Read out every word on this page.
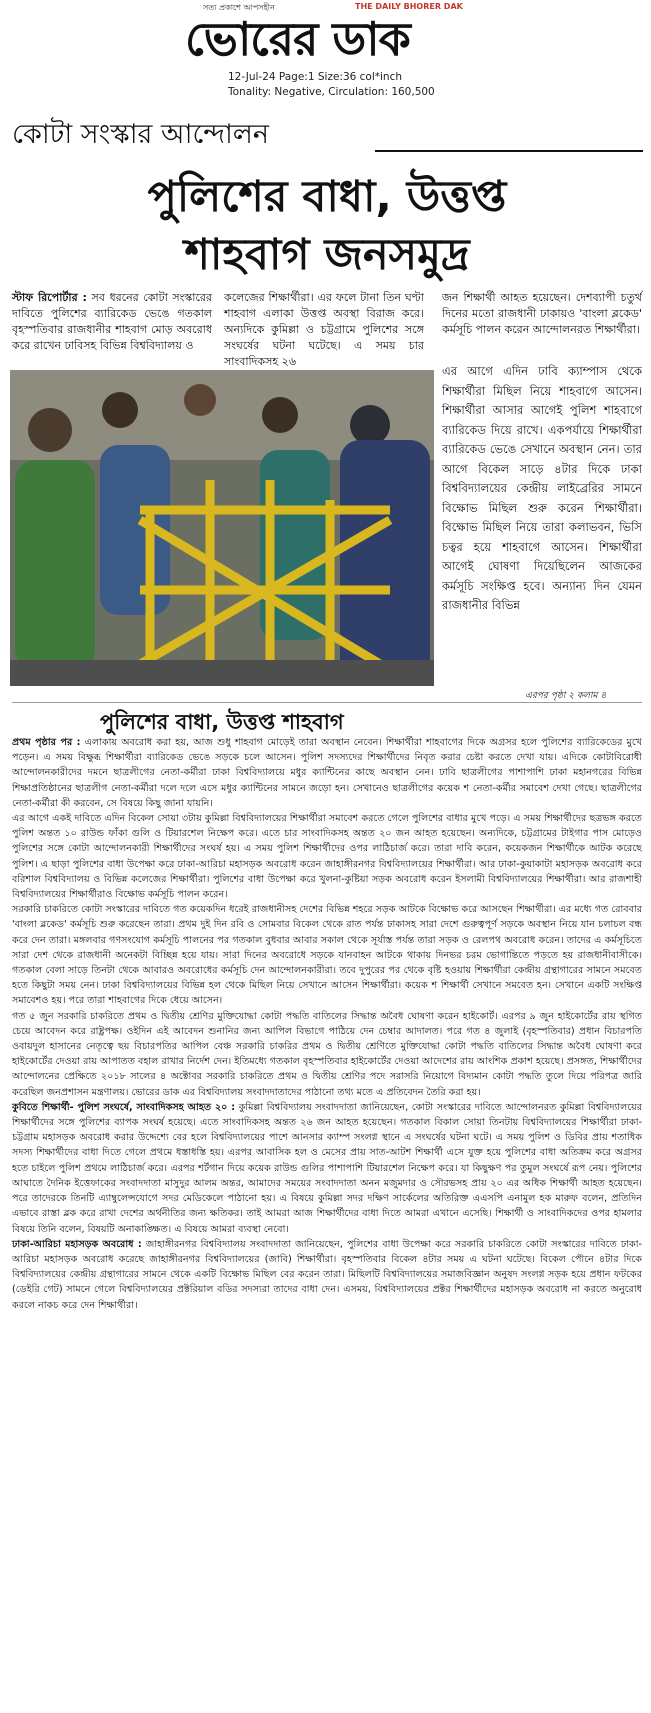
সত্য প্রকাশে আপসহীন	THE DAILY BHORER DAK
ভোরের ডাক
12-Jul-24 Page:1 Size:36 col*inch
Tonality: Negative, Circulation: 160,500
কোটা সংস্কার আন্দোলন
পুলিশের বাধা, উত্তপ্ত
শাহবাগ জনসমুদ্র
স্টাফ রিপোর্টার : সব ধরনের কোটা সংস্কারের দাবিতে পুলিশের ব্যারিকেড ভেঙে গতকাল বৃহস্পতিবার রাজধানীর শাহবাগ মোড় অবরোধ করে রাখেন ঢাবিসহ বিভিন্ন বিশ্ববিদ্যালয় ও
কলেজের শিক্ষার্থীরা। এর ফলে টানা তিন ঘণ্টা শাহবাগ এলাকা উত্তপ্ত অবস্থা বিরাজ করে। অন্যদিকে কুমিল্লা ও চট্টগ্রামে পুলিশের সঙ্গে সংঘর্ষের ঘটনা ঘটেছে। এ সময় চার সাংবাদিকসহ ২৬
জন শিক্ষার্থী আহত হয়েছেন। দেশব্যাপী চতুর্থ দিনের মতো রাজধানী ঢাকায়ও 'বাংলা ব্লকেড' কর্মসূচি পালন করেন আন্দোলনরত শিক্ষার্থীরা।
এর আগে এদিন ঢাবি ক্যাম্পাস থেকে শিক্ষার্থীরা মিছিল নিয়ে শাহবাগে আসেন। শিক্ষার্থীরা আসার আগেই পুলিশ শাহবাগে ব্যারিকেড দিয়ে রাখে। একপর্যায়ে শিক্ষার্থীরা ব্যারিকেড ভেঙে সেখানে অবস্থান নেন। তার আগে বিকেল সাড়ে ৪টার দিকে ঢাকা বিশ্ববিদ্যালয়ের কেন্দ্রীয় লাইব্রেরির সামনে বিক্ষোভ মিছিল শুরু করেন শিক্ষার্থীরা। বিক্ষোভ মিছিল নিয়ে তারা কলাভবন, ভিসি চত্বর হয়ে শাহবাগে আসেন। শিক্ষার্থীরা আগেই ঘোষণা দিয়েছিলেন আজকের কর্মসূচি সংক্ষিপ্ত হবে। অন্যান্য দিন যেমন রাজধানীর বিভিন্ন
এরপর পৃষ্ঠা ২ কলাম ৪
পুলিশের বাধা, উত্তপ্ত শাহবাগ

প্রথম পৃষ্ঠার পর : এলাকায় অবরোধ করা হয়, আজ শুধু শাহবাগ মোড়েই তারা অবস্থান নেবেন। শিক্ষার্থীরা শাহবাগের দিকে অগ্রসর হলে পুলিশের ব্যারিকেডের মুখে পড়েন। এ সময় বিক্ষুব্ধ শিক্ষার্থীরা ব্যারিকেড ভেঙে সড়কে চলে আসেন। পুলিশ সদস্যদের শিক্ষার্থীদের নিবৃত করার চেষ্টা করতে দেখা যায়। এদিকে কোটাবিরোধী আন্দোলনকারীদের দমনে ছাত্রলীগের নেতা-কর্মীরা ঢাকা বিশ্ববিদ্যালয়ে মধুর ক্যান্টিনের কাছে অবস্থান নেন। ঢাবি ছাত্রলীগের পাশাপাশি ঢাকা মহানগরের বিভিন্ন শিক্ষাপ্রতিষ্ঠানের ছাত্রলীগ নেতা-কর্মীরা দলে দলে এসে মধুর ক্যান্টিনের সামনে জড়ো হন। সেখানেও ছাত্রলীগের কয়েক শ নেতা-কর্মীর সমাবেশ দেখা গেছে। ছাত্রলীগের নেতা-কর্মীরা কী করবেন, সে বিষয়ে কিছু জানা যায়নি।

এর আগে একই দাবিতে এদিন বিকেল সোয়া ৩টায় কুমিল্লা বিশ্ববিদ্যালয়ের শিক্ষার্থীরা সমাবেশ করতে গেলে পুলিশের বাধার মুখে পড়ে। এ সময় শিক্ষার্থীদের ছত্রভঙ্গ করতে পুলিশ অন্তত ১০ রাউন্ড ফাঁকা গুলি ও টিয়ারশেল নিক্ষেপ করে। এতে চার সাংবাদিকসহ অন্তত ২০ জন আহত হয়েছেন। অন্যদিকে, চট্টগ্রামের টাইগার পাস মোড়েও পুলিশের সঙ্গে কোটা আন্দোলনকারী শিক্ষার্থীদের সংঘর্ষ হয়। এ সময় পুলিশ শিক্ষার্থীদের ওপর লাঠিচার্জ করে। তারা দাবি করেন, কয়েকজন শিক্ষার্থীকে আটক করেছে পুলিশ। এ ছাড়া পুলিশের বাধা উপেক্ষা করে ঢাকা-আরিচা মহাসড়ক অবরোধ করেন জাহাঙ্গীরনগর বিশ্ববিদ্যালয়ের শিক্ষার্থীরা। আর ঢাকা-কুয়াকাটা মহাসড়ক অবরোধ করে বরিশাল বিশ্ববিদ্যালয় ও বিভিন্ন কলেজের শিক্ষার্থীরা। পুলিশের বাধা উপেক্ষা করে খুলনা-কুষ্টিয়া সড়ক অবরোধ করেন ইসলামী বিশ্ববিদ্যালয়ের শিক্ষার্থীরা। আর রাজশাহী বিশ্ববিদ্যালয়ের শিক্ষার্থীরাও বিক্ষোভ কর্মসূচি পালন করেন।

সরকারি চাকরিতে কোটা সংস্কারের দাবিতে গত কয়েকদিন ধরেই রাজধানীসহ দেশের বিভিন্ন শহরে সড়ক আটকে বিক্ষোভ করে আসছেন শিক্ষার্থীরা। এর মধ্যে গত রোববার 'বাংলা ব্লকেড' কর্মসূচি শুরু করেছেন তারা। প্রথম দুই দিন রবি ও সোমবার বিকেল থেকে রাত পর্যন্ত ঢাকাসহ সারা দেশে গুরুত্বপূর্ণ সড়কে অবস্থান নিয়ে যান চলাচল বন্ধ করে দেন তারা। মঙ্গলবার গণসংযোগ কর্মসূচি পালনের পর গতকাল বুধবার আবার সকাল থেকে সূর্যাস্ত পর্যন্ত তারা সড়ক ও রেলপথ অবরোধ করেন। তাদের এ কর্মসূচিতে সারা দেশ থেকে রাজধানী অনেকটা বিচ্ছিন্ন হয়ে যায়। সারা দিনের অবরোধে সড়কে যানবাহন আটকে থাকায় দিনভর চরম ভোগান্তিতে পড়তে হয় রাজধানীবাসীকে। গতকাল বেলা সাড়ে তিনটা থেকে আবারও অবরোধের কর্মসূচি দেন আন্দোলনকারীরা। তবে দুপুরের পর থেকে বৃষ্টি হওয়ায় শিক্ষার্থীরা কেন্দ্রীয় গ্রন্থাগারের সামনে সমবেত হতে কিছুটা সময় নেন। ঢাকা বিশ্ববিদ্যালয়ের বিভিন্ন হল থেকে মিছিল নিয়ে সেখানে আসেন শিক্ষার্থীরা। কয়েক শ শিক্ষার্থী সেখানে সমবেত হন। সেখানে একটি সংক্ষিপ্ত সমাবেশও হয়। পরে তারা শাহবাগের দিকে ধেয়ে আসেন।

গত ৫ জুন সরকারি চাকরিতে প্রথম ও দ্বিতীয় শ্রেণির মুক্তিযোদ্ধা কোটা পদ্ধতি বাতিলের সিদ্ধান্ত অবৈধ ঘোষণা করেন হাইকোর্ট। এরপর ৯ জুন হাইকোর্টের রায় স্থগিত চেয়ে আবেদন করে রাষ্ট্রপক্ষ। ওইদিন এই আবেদন শুনানির জন্য আপিল বিভাগে পাঠিয়ে দেন চেম্বার আদালত। পরে গত ৪ জুলাই (বৃহস্পতিবার) প্রধান বিচারপতি ওবায়দুল হাসানের নেতৃত্বে ছয় বিচারপতির আপিল বেঞ্চ সরকারি চাকরির প্রথম ও দ্বিতীয় শ্রেণিতে মুক্তিযোদ্ধা কোটা পদ্ধতি বাতিলের সিদ্ধান্ত অবৈধ ঘোষণা করে হাইকোর্টের দেওয়া রায় আপাতত বহাল রাখার নির্দেশ দেন। ইতিমধ্যে গতকাল বৃহস্পতিবার হাইকোর্টের দেওয়া আদেশের রায় আংশিক প্রকাশ হয়েছে। প্রসঙ্গত, শিক্ষার্থীদের আন্দোলনের প্রেক্ষিতে ২০১৮ সালের ৪ অক্টোবর সরকারি চাকরিতে প্রথম ও দ্বিতীয় শ্রেণির পদে সরাসরি নিয়োগে বিদ্যমান কোটা পদ্ধতি তুলে দিয়ে পরিপত্র জারি করেছিল জনপ্রশাসন মন্ত্রণালয়। ভোরের ডাক এর বিশ্ববিদ্যালয় সংবাদদাতাদের পাঠানো তথ্য মতে এ প্রতিবেদন তৈরি করা হয়।

কুবিতে শিক্ষার্থী- পুলিশ সংঘর্ষে, সাংবাদিকসহ আহত ২০ : কুমিল্লা বিশ্ববিদ্যালয় সংবাদদাতা জানিয়েছেন, কোটা সংস্কারের দাবিতে আন্দোলনরত কুমিল্লা বিশ্ববিদ্যালয়ের শিক্ষার্থীদের সঙ্গে পুলিশের ব্যাপক সংঘর্ষ হয়েছে। এতে সাংবাদিকসহ অন্তত ২৬ জন আহত হয়েছেন। গতকাল বিকাল সোয়া তিনটায় বিশ্ববিদ্যালয়ের শিক্ষার্থীরা ঢাকা-চট্টগ্রাম মহাসড়ক অবরোধ করার উদ্দেশ্যে বের হলে বিশ্ববিদ্যালয়ের পাশে আনসার ক্যাম্প সংলগ্ন স্থানে এ সংঘর্ষের ঘটনা ঘটে। এ সময় পুলিশ ও ডিবির প্রায় শতাধিক সদস্য শিক্ষার্থীদের বাধা দিতে গেলে প্রথমে ধস্তাধস্তি হয়। এরপর আবাসিক হল ও মেসের প্রায় সাত-আটশ শিক্ষার্থী এসে যুক্ত হয়ে পুলিশের বাধা অতিক্রম করে অগ্রসর হতে চাইলে পুলিশ প্রথমে লাঠিচার্জ করে। এরপর শর্টগান দিয়ে কয়েক রাউন্ড গুলির পাশাপাশি টিয়ারশেল নিক্ষেপ করে। যা কিছুক্ষণ পর তুমুল সংঘর্ষে রূপ নেয়। পুলিশের আঘাতে দৈনিক ইত্তেফাকের সংবাদদাতা মাসুদুর আলম অন্তর, আমাদের সময়ের সংবাদদাতা অনন মজুমদার ও সৌরভসহ প্রায় ২০ এর অধিক শিক্ষার্থী আহত হয়েছেন। পরে তাদেরকে তিনটি এ্যাম্বুলেন্সযোগে সদর মেডিকেলে পাঠানো হয়। এ বিষয়ে কুমিল্লা সদর দক্ষিণ সার্কেলের অতিরিক্ত এএসপি এনামুল হক মারুফ বলেন, প্রতিদিন এভাবে রাস্তা ব্লক করে রাখা দেশের অর্থনীতির জন্য ক্ষতিকর। তাই আমরা আজ শিক্ষার্থীদের বাধা দিতে আমরা এখানে এসেছি। শিক্ষার্থী ও সাংবাদিকদের ওপর হামলার বিষয়ে তিনি বলেন, বিষয়টি অনাকাঙ্ক্ষিত। এ বিষয়ে আমরা ব্যবস্থা নেবো।

ঢাকা-আরিচা মহাসড়ক অবরোধ : জাহাঙ্গীরনগর বিশ্ববিদ্যালয় সংবাদদাতা জানিয়েছেন, পুলিশের বাধা উপেক্ষা করে সরকারি চাকরিতে কোটা সংস্কারের দাবিতে ঢাকা-আরিচা মহাসড়ক অবরোধ করেছে জাহাঙ্গীরনগর বিশ্ববিদ্যালয়ের (জাবি) শিক্ষার্থীরা। বৃহস্পতিবার বিকেল ৪টার সময় এ ঘটনা ঘটেছে। বিকেল পৌনে ৪টার দিকে বিশ্ববিদ্যালয়ের কেন্দ্রীয় গ্রন্থাগারের সামনে থেকে একটি বিক্ষোভ মিছিল বের করেন তারা। মিছিলটি বিশ্ববিদ্যালয়ের সমাজবিজ্ঞান অনুষদ সংলগ্ন সড়ক হয়ে প্রধান ফটকের (ডেইরি গেট) সামনে গেলে বিশ্ববিদ্যালয়ের প্রক্টরিয়াল বডির সদস্যরা তাদের বাধা দেন। এসময়, বিশ্ববিদ্যালয়ের প্রক্টর শিক্ষার্থীদের মহাসড়ক অবরোধ না করতে অনুরোধ করলে নাকচ করে দেন শিক্ষার্থীরা।
